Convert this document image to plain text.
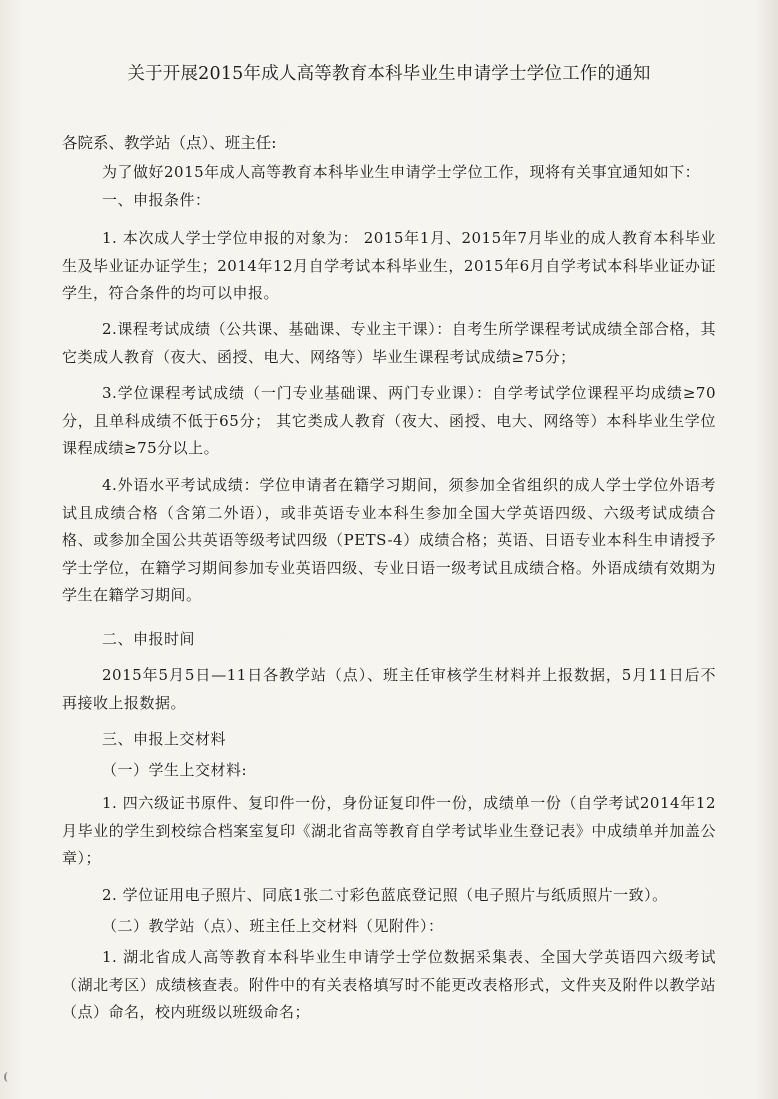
关于开展2015年成人高等教育本科毕业生申请学士学位工作的通知
各院系、教学站（点）、班主任:
为了做好2015年成人高等教育本科毕业生申请学士学位工作，现将有关事宜通知如下：
一、申报条件：
1. 本次成人学士学位申报的对象为： 2015年1月、2015年7月毕业的成人教育本科毕业生及毕业证办证学生；2014年12月自学考试本科毕业生，2015年6月自学考试本科毕业证办证学生，符合条件的均可以申报。
2.课程考试成绩（公共课、基础课、专业主干课）：自考生所学课程考试成绩全部合格，其它类成人教育（夜大、函授、电大、网络等）毕业生课程考试成绩≥75分；
3.学位课程考试成绩（一门专业基础课、两门专业课）：自学考试学位课程平均成绩≥70分，且单科成绩不低于65分； 其它类成人教育（夜大、函授、电大、网络等）本科毕业生学位课程成绩≥75分以上。
4.外语水平考试成绩：学位申请者在籍学习期间，须参加全省组织的成人学士学位外语考试且成绩合格（含第二外语），或非英语专业本科生参加全国大学英语四级、六级考试成绩合格、或参加全国公共英语等级考试四级（PETS-4）成绩合格；英语、日语专业本科生申请授予学士学位，在籍学习期间参加专业英语四级、专业日语一级考试且成绩合格。外语成绩有效期为学生在籍学习期间。
二、申报时间
2015年5月5日—11日各教学站（点）、班主任审核学生材料并上报数据，5月11日后不再接收上报数据。
三、申报上交材料
（一）学生上交材料:
1. 四六级证书原件、复印件一份，身份证复印件一份，成绩单一份（自学考试2014年12月毕业的学生到校综合档案室复印《湖北省高等教育自学考试毕业生登记表》中成绩单并加盖公章）；
2. 学位证用电子照片、同底1张二寸彩色蓝底登记照（电子照片与纸质照片一致）。
（二）教学站（点）、班主任上交材料（见附件）：
1. 湖北省成人高等教育本科毕业生申请学士学位数据采集表、全国大学英语四六级考试（湖北考区）成绩核查表。附件中的有关表格填写时不能更改表格形式，文件夹及附件以教学站（点）命名，校内班级以班级命名；
